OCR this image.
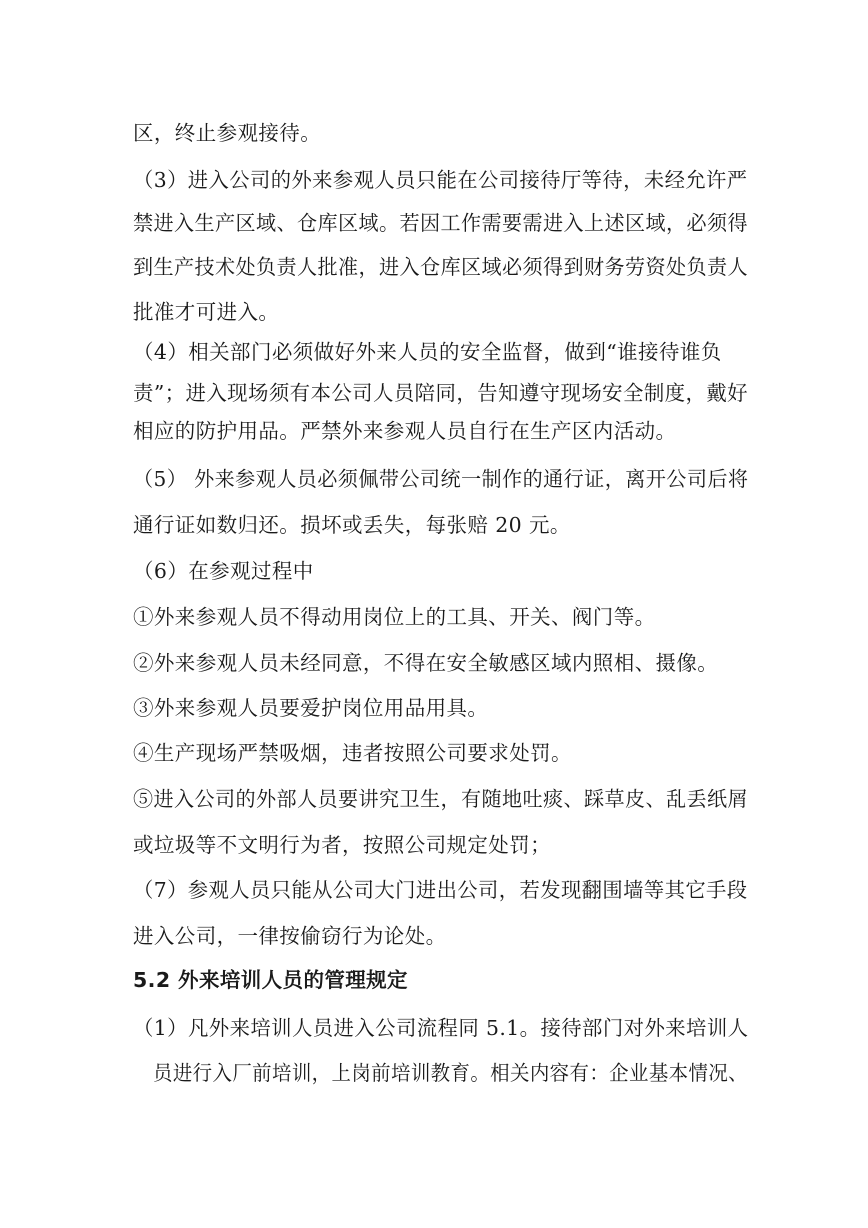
区，终止参观接待。
（3）进入公司的外来参观人员只能在公司接待厅等待，未经允许严
禁进入生产区域、仓库区域。若因工作需要需进入上述区域，必须得
到生产技术处负责人批准，进入仓库区域必须得到财务劳资处负责人
批准才可进入。
（4）相关部门必须做好外来人员的安全监督，做到“谁接待谁负
责”；进入现场须有本公司人员陪同，告知遵守现场安全制度，戴好
相应的防护用品。严禁外来参观人员自行在生产区内活动。
（5） 外来参观人员必须佩带公司统一制作的通行证，离开公司后将
通行证如数归还。损坏或丢失，每张赔 20 元。
（6）在参观过程中
①外来参观人员不得动用岗位上的工具、开关、阀门等。
②外来参观人员未经同意，不得在安全敏感区域内照相、摄像。
③外来参观人员要爱护岗位用品用具。
④生产现场严禁吸烟，违者按照公司要求处罚。
⑤进入公司的外部人员要讲究卫生，有随地吐痰、踩草皮、乱丢纸屑
或垃圾等不文明行为者，按照公司规定处罚；
（7）参观人员只能从公司大门进出公司，若发现翻围墙等其它手段
进入公司，一律按偷窃行为论处。
5.2 外来培训人员的管理规定
（1）凡外来培训人员进入公司流程同 5.1。接待部门对外来培训人
员进行入厂前培训，上岗前培训教育。相关内容有：企业基本情况、
